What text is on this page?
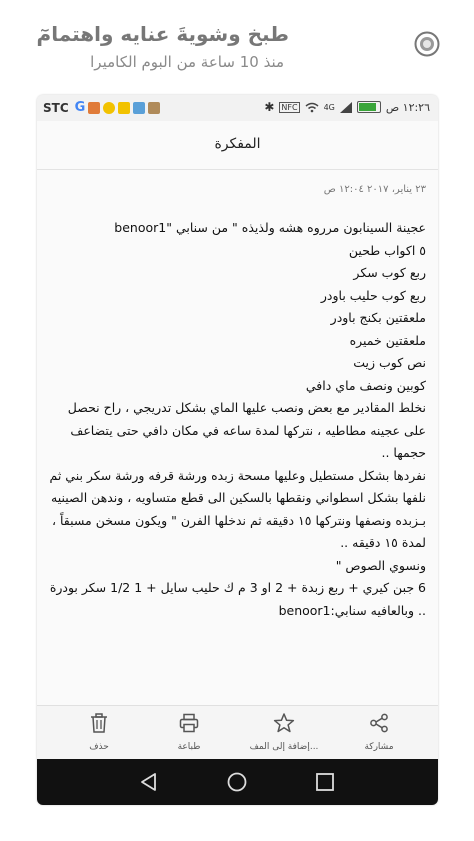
طبخ وشويةَ عنايه واهتمامٓ
منذ 10 ساعة من البوم الكاميرا
STC G	✱ NFC	4G	١٢:٢٦ ص
المفكرة
٢٣ يناير، ٢٠١٧ ١٢:٠٤ ص

عجينة السينابون مرروه هشه ولذيذه " من سنابي "benoor1

٥ اكواب طحين

ربع كوب سكر

ربع كوب حليب باودر

ملعقتين بكنج باودر

ملعقتين خميره

نص كوب زيت

كوبين ونصف ماي دافي

نخلط المقادير مع بعض ونصب عليها الماي بشكل تدريجي ، راح نحصل على عجينه مطاطيه ، نتركها لمدة ساعه في مكان دافي حتى يتضاعف حجمها ..

نفردها بشكل مستطيل وعليها مسحة زبده ورشة قرفه ورشة سكر بني ثم نلفها بشكل اسطواني ونقطها بالسكين الى قطع متساويه ، وندهن الصينيه بـزبده ونصفها ونتركها ١٥ دقيقه ثم ندخلها الفرن " ويكون مسخن مسبقاً ، لمدة ١٥ دقيقه ..

ونسوي الصوص "

6 جبن كيري + ربع زبدة + 2 او 3 م ك حليب سايل + 1 1/2 سكر بودرة .. وبالعافيه سنابي:benoor1

مشاركة
إضافة إلى المف...
طباعة
حذف
